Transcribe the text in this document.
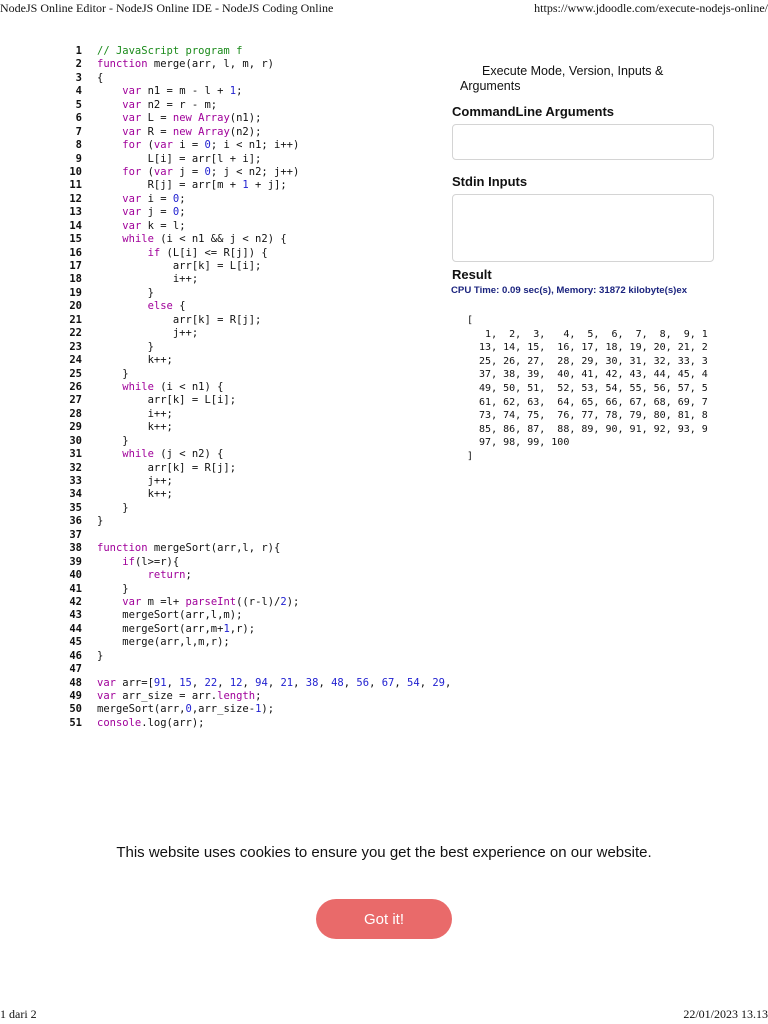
NodeJS Online Editor - NodeJS Online IDE - NodeJS Coding Online	https://www.jdoodle.com/execute-nodejs-online/
1 // JavaScript program f
2 function merge(arr, l, m, r)
3 {
4	var n1 = m - l + 1;
5	var n2 = r - m;
6	var L = new Array(n1);
7	var R = new Array(n2);
8	for (var i = 0; i < n1; i++)
9 L[i] = arr[l + i];
10	for (var j = 0; j < n2; j++)
11 R[j] = arr[m + 1 + j];
12	var i = 0;
13	var j = 0;
14	var k = l;
15	while (i < n1 && j < n2) {
16	if (L[i] <= R[j]) {
17 arr[k] = L[i];
18 i++;
19 }
20	else {
21 arr[k] = R[j];
22 j++;
23 }
24 k++;
25 }
26	while (i < n1) {
27 arr[k] = L[i];
28 i++;
29 k++;
30 }
31	while (j < n2) {
32 arr[k] = R[j];
33 j++;
34 k++;
35 }
36 }
37
38 function mergeSort(arr,l, r){
39	if(l>=r){
40	return;
41 }
42	var m =l+ parseInt((r-l)/2);
43 mergeSort(arr,l,m);
44 mergeSort(arr,m+1,r);
45 merge(arr,l,m,r);
46 }
47
48 var arr=[91, 15, 22, 12, 94, 21, 38, 48, 56, 67, 54, 29,
49 var arr_size = arr.length;
50 mergeSort(arr,0,arr_size-1);
51 console.log(arr);
Execute Mode, Version, Inputs & Arguments
CommandLine Arguments
Stdin Inputs
Result
CPU Time: 0.09 sec(s), Memory: 31872 kilobyte(s)ex
[
1,  2,  3,   4,  5,  6,  7,  8,  9, 1
13, 14, 15,  16, 17, 18, 19, 20, 21, 2
25, 26, 27,  28, 29, 30, 31, 32, 33, 3
37, 38, 39,  40, 41, 42, 43, 44, 45, 4
49, 50, 51,  52, 53, 54, 55, 56, 57, 5
61, 62, 63,  64, 65, 66, 67, 68, 69, 7
73, 74, 75,  76, 77, 78, 79, 80, 81, 8
85, 86, 87,  88, 89, 90, 91, 92, 93, 9
97, 98, 99, 100
]
This website uses cookies to ensure you get the best experience on our website.
Got it!
1 dari 2	22/01/2023 13.13
